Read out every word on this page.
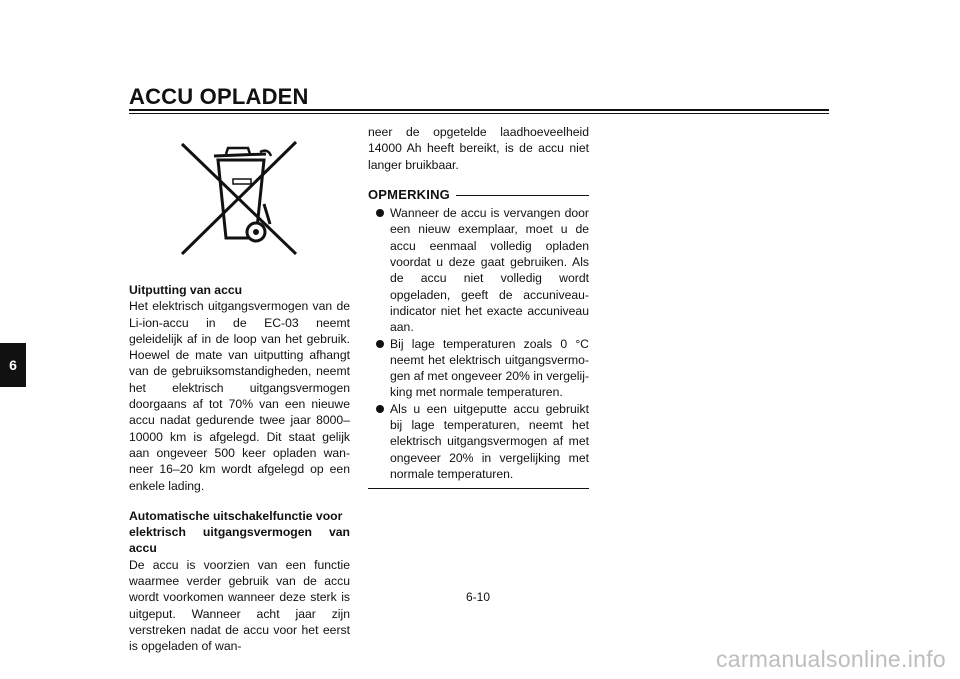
ACCU OPLADEN
6
Uitputting van accu

Het elektrisch uitgangsvermogen van de Li-ion-accu in de EC-03 neemt geleidelijk af in de loop van het gebruik. Hoewel de mate van uitputting afhangt van de gebruiksomstandigheden, neemt het elektrisch uitgangsvermogen doorgaans af tot 70% van een nieuwe accu nadat gedurende twee jaar 8000–10000 km is afgelegd. Dit staat gelijk aan ongeveer 500 keer opladen wanneer 16–20 km wordt afgelegd op een enkele lading.

Automatische uitschakelfunctie voor
elektrisch uitgangsvermogen van accu

De accu is voorzien van een functie waarmee verder gebruik van de accu wordt voorkomen wanneer deze sterk is uitgeput. Wanneer acht jaar zijn verstreken nadat de accu voor het eerst is opgeladen of wan-

neer de opgetelde laadhoeveelheid 14000 Ah heeft bereikt, is de accu niet langer bruikbaar.

OPMERKING
Wanneer de accu is vervangen door een nieuw exemplaar, moet u de accu eenmaal volledig opladen voordat u deze gaat gebruiken. Als de accu niet volledig wordt opgeladen, geeft de accuniveau-indicator niet het exacte accuniveau aan.
Bij lage temperaturen zoals 0 °C neemt het elektrisch uitgangsvermogen af met ongeveer 20% in vergelijking met normale temperaturen.
Als u een uitgeputte accu gebruikt bij lage temperaturen, neemt het elektrisch uitgangsvermogen af met ongeveer 20% in vergelijking met normale temperaturen.
6-10
carmanualsonline.info
